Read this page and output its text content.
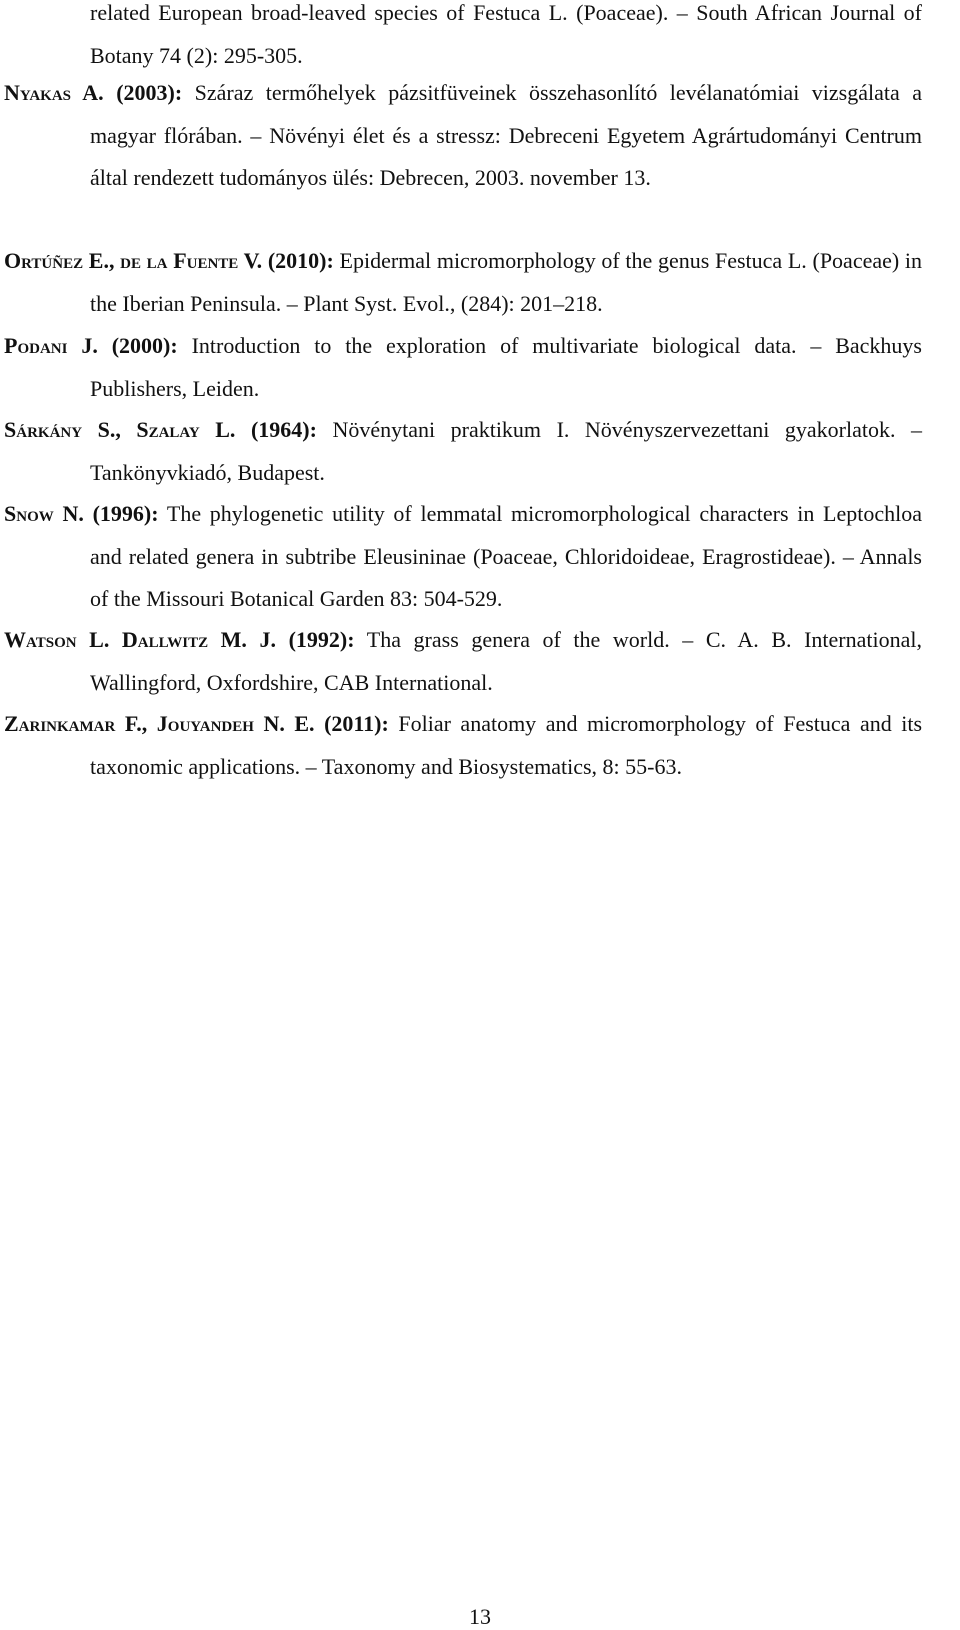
related European broad-leaved species of Festuca L. (Poaceae). – South African Journal of Botany 74 (2): 295-305.

Nyakas A. (2003): Száraz termőhelyek pázsitfüveinek összehasonlító levélanatómiai vizsgálata a magyar flórában. – Növényi élet és a stressz: Debreceni Egyetem Agrártudományi Centrum által rendezett tudományos ülés: Debrecen, 2003. november 13.

Ortúñez E., de la Fuente V. (2010): Epidermal micromorphology of the genus Festuca L. (Poaceae) in the Iberian Peninsula. – Plant Syst. Evol., (284): 201–218.

Podani J. (2000): Introduction to the exploration of multivariate biological data. – Backhuys Publishers, Leiden.

Sárkány S., Szalay L. (1964): Növénytani praktikum I. Növényszervezettani gyakorlatok. – Tankönyvkiadó, Budapest.

Snow N. (1996): The phylogenetic utility of lemmatal micromorphological characters in Leptochloa and related genera in subtribe Eleusininae (Poaceae, Chloridoideae, Eragrostideae). – Annals of the Missouri Botanical Garden 83: 504-529.

Watson L. Dallwitz M. J. (1992): Tha grass genera of the world. – C. A. B. International, Wallingford, Oxfordshire, CAB International.

Zarinkamar F., Jouyandeh N. E. (2011): Foliar anatomy and micromorphology of Festuca and its taxonomic applications. – Taxonomy and Biosystematics, 8: 55-63.

13
